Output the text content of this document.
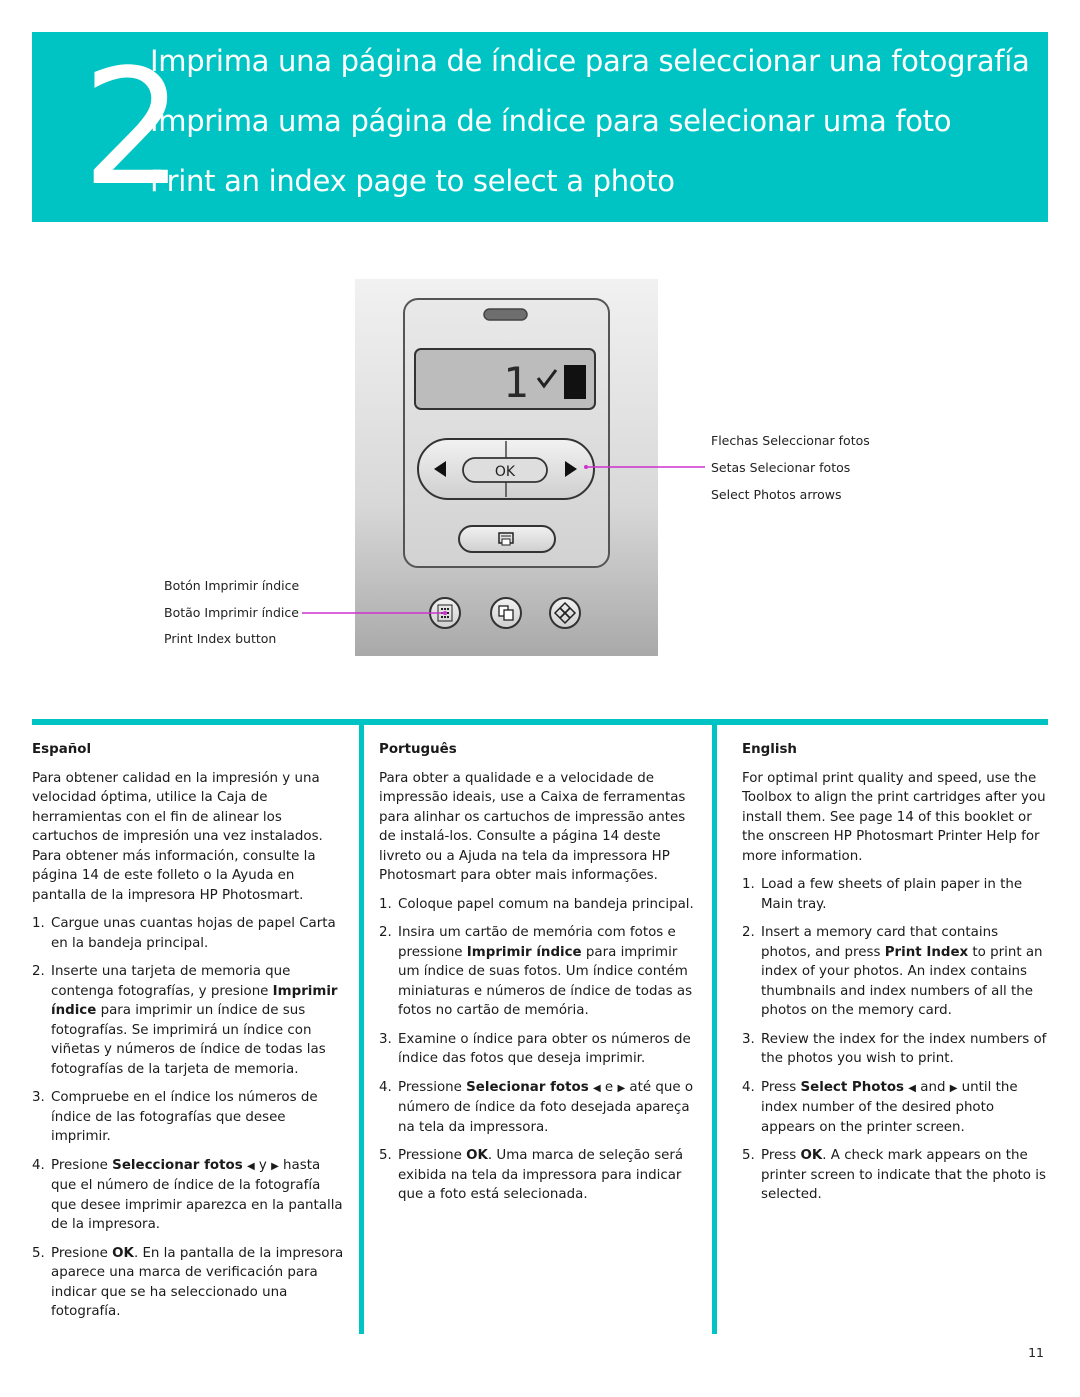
2
Imprima una página de índice para seleccionar una fotografía
Imprima uma página de índice para selecionar uma foto
Print an index page to select a photo
1
OK
Flechas Seleccionar fotos
Setas Selecionar fotos
Select Photos arrows
Botón Imprimir índice
Botão Imprimir índice
Print Index button
Español

Para obtener calidad en la impresión y una velocidad óptima, utilice la Caja de herramientas con el fin de alinear los cartuchos de impresión una vez instalados. Para obtener más información, consulte la página 14 de este folleto o la Ayuda en pantalla de la impresora HP Photosmart.

1. Cargue unas cuantas hojas de papel Carta en la bandeja principal.
2. Inserte una tarjeta de memoria que contenga fotografías, y presione Imprimir índice para imprimir un índice de sus fotografías. Se imprimirá un índice con viñetas y números de índice de todas las fotografías de la tarjeta de memoria.
3. Compruebe en el índice los números de índice de las fotografías que desee imprimir.
4. Presione Seleccionar fotos ◀ y ▶ hasta que el número de índice de la fotografía que desee imprimir aparezca en la pantalla de la impresora.
5. Presione OK. En la pantalla de la impresora aparece una marca de verificación para indicar que se ha seleccionado una fotografía.
Português

Para obter a qualidade e a velocidade de impressão ideais, use a Caixa de ferramentas para alinhar os cartuchos de impressão antes de instalá-los. Consulte a página 14 deste livreto ou a Ajuda na tela da impressora HP Photosmart para obter mais informações.

1. Coloque papel comum na bandeja principal.
2. Insira um cartão de memória com fotos e pressione Imprimir índice para imprimir um índice de suas fotos. Um índice contém miniaturas e números de índice de todas as fotos no cartão de memória.
3. Examine o índice para obter os números de índice das fotos que deseja imprimir.
4. Pressione Selecionar fotos ◀ e ▶ até que o número de índice da foto desejada apareça na tela da impressora.
5. Pressione OK. Uma marca de seleção será exibida na tela da impressora para indicar que a foto está selecionada.
English

For optimal print quality and speed, use the Toolbox to align the print cartridges after you install them. See page 14 of this booklet or the onscreen HP Photosmart Printer Help for more information.

1. Load a few sheets of plain paper in the Main tray.
2. Insert a memory card that contains photos, and press Print Index to print an index of your photos. An index contains thumbnails and index numbers of all the photos on the memory card.
3. Review the index for the index numbers of the photos you wish to print.
4. Press Select Photos ◀ and ▶ until the index number of the desired photo appears on the printer screen.
5. Press OK. A check mark appears on the printer screen to indicate that the photo is selected.
11
